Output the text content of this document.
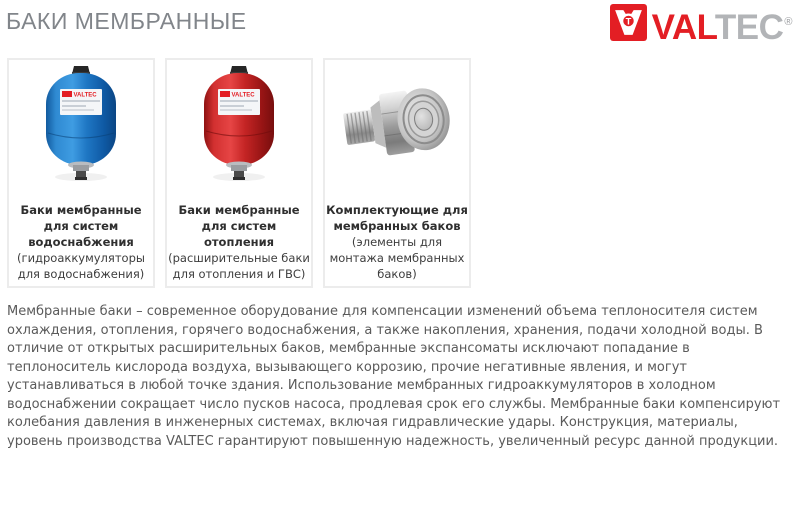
БАКИ МЕМБРАННЫЕ	T VALTEC®
VALTEC
Баки мембранные для систем водоснабжения
(гидроаккумуляторы для водоснабжения)
VALTEC
Баки мембранные для систем отопления
(расширительные баки для отопления и ГВС)
Комплектующие для мембранных баков
(элементы для монтажа мембранных баков)

Мембранные баки – современное оборудование для компенсации изменений объема теплоносителя систем охлаждения, отопления, горячего водоснабжения, а также накопления, хранения, подачи холодной воды. В отличие от открытых расширительных баков, мембранные экспансоматы исключают попадание в теплоноситель кислорода воздуха, вызывающего коррозию, прочие негативные явления, и могут устанавливаться в любой точке здания. Использование мембранных гидроаккумуляторов в холодном водоснабжении сокращает число пусков насоса, продлевая срок его службы. Мембранные баки компенсируют колебания давления в инженерных системах, включая гидравлические удары. Конструкция, материалы, уровень производства VALTEC гарантируют повышенную надежность, увеличенный ресурс данной продукции.
